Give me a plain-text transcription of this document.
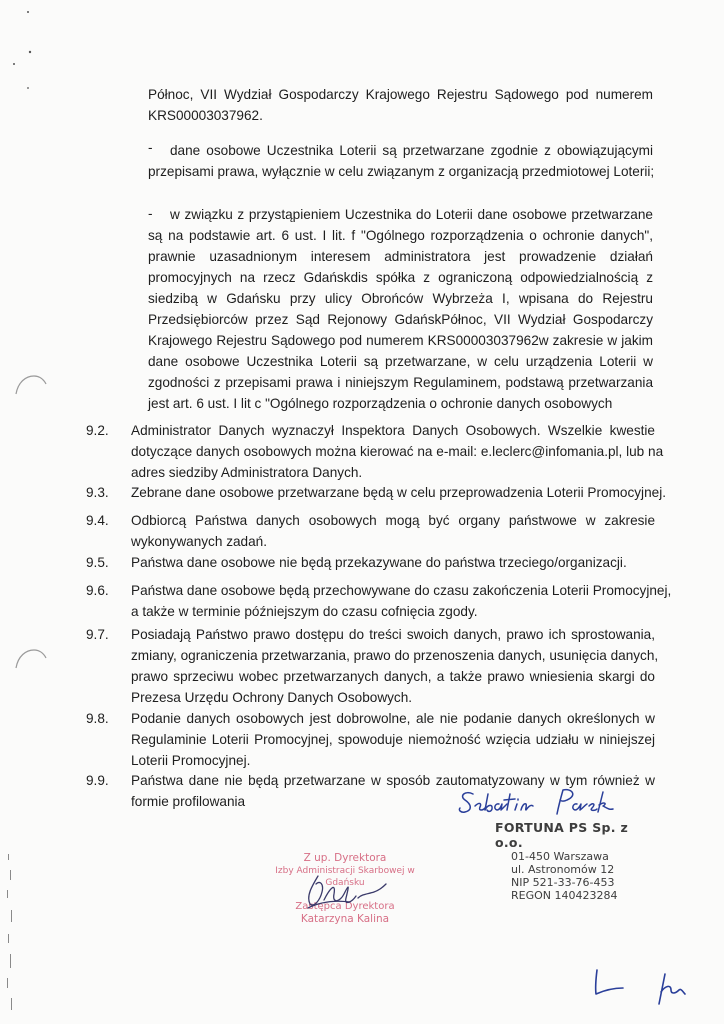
Północ, VII Wydział Gospodarczy Krajowego Rejestru Sądowego pod numerem
KRS00003037962.
-	dane osobowe Uczestnika Loterii są przetwarzane zgodnie z obowiązującymi
przepisami prawa, wyłącznie w celu związanym z organizacją przedmiotowej Loterii;
-	w związku z przystąpieniem Uczestnika do Loterii dane osobowe przetwarzane
są na podstawie art. 6 ust. I lit. f "Ogólnego rozporządzenia o ochronie danych",
prawnie uzasadnionym interesem administratora jest prowadzenie działań
promocyjnych na rzecz Gdańskdis spółka z ograniczoną odpowiedzialnością z
siedzibą w Gdańsku przy ulicy Obrońców Wybrzeża I, wpisana do Rejestru
Przedsiębiorców przez Sąd Rejonowy GdańskPółnoc, VII Wydział Gospodarczy
Krajowego Rejestru Sądowego pod numerem KRS00003037962w zakresie w jakim
dane osobowe Uczestnika Loterii są przetwarzane, w celu urządzenia Loterii w
zgodności z przepisami prawa i niniejszym Regulaminem, podstawą przetwarzania
jest art. 6 ust. I lit c "Ogólnego rozporządzenia o ochronie danych osobowych
9.2. Administrator Danych wyznaczył Inspektora Danych Osobowych. Wszelkie kwestie
dotyczące danych osobowych można kierować na e-mail: e.leclerc@infomania.pl, lub na
adres siedziby Administratora Danych.
9.3. Zebrane dane osobowe przetwarzane będą w celu przeprowadzenia Loterii Promocyjnej.
9.4. Odbiorcą Państwa danych osobowych mogą być organy państwowe w zakresie
wykonywanych zadań.
9.5. Państwa dane osobowe nie będą przekazywane do państwa trzeciego/organizacji.
9.6. Państwa dane osobowe będą przechowywane do czasu zakończenia Loterii Promocyjnej,
a także w terminie późniejszym do czasu cofnięcia zgody.
9.7. Posiadają Państwo prawo dostępu do treści swoich danych, prawo ich sprostowania,
zmiany, ograniczenia przetwarzania, prawo do przenoszenia danych, usunięcia danych,
prawo sprzeciwu wobec przetwarzanych danych, a także prawo wniesienia skargi do
Prezesa Urzędu Ochrony Danych Osobowych.
9.8. Podanie danych osobowych jest dobrowolne, ale nie podanie danych określonych w
Regulaminie Loterii Promocyjnej, spowoduje niemożność wzięcia udziału w niniejszej
Loterii Promocyjnej.
9.9. Państwa dane nie będą przetwarzane w sposób zautomatyzowany w tym również w
formie profilowania
FORTUNA PS Sp. z o.o.
01-450 Warszawa
ul. Astronomów 12
NIP 521-33-76-453
REGON 140423284
Z up. Dyrektora
Izby Administracji Skarbowej w Gdańsku
Zastępca Dyrektora
Katarzyna Kalina
